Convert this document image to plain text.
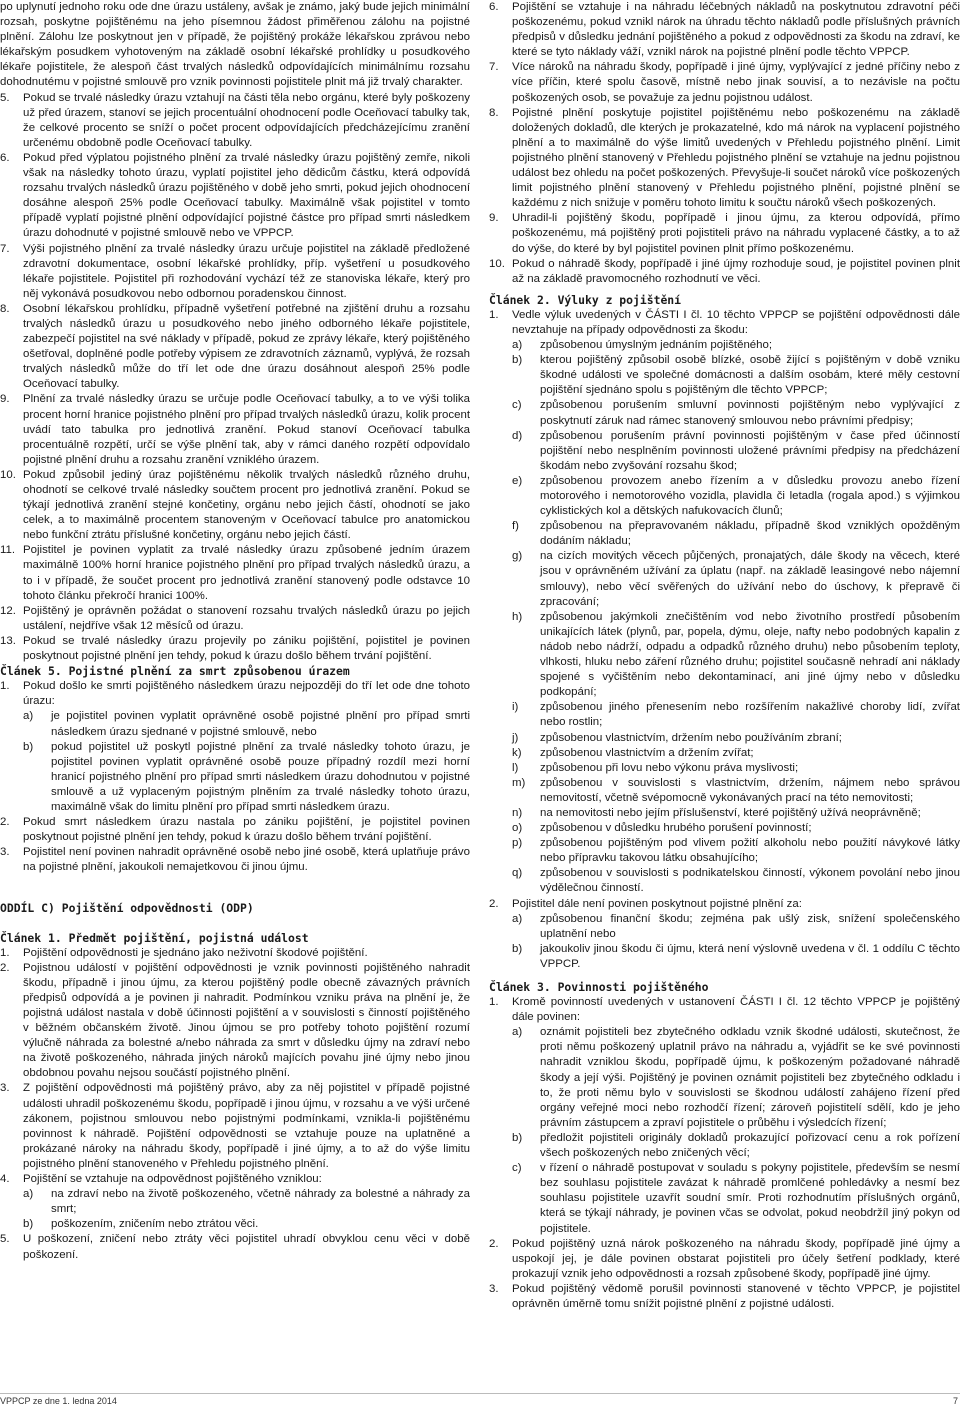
po uplynutí jednoho roku ode dne úrazu ustáleny, avšak je známo, jaký bude jejich minimální rozsah, poskytne pojištěnému na jeho písemnou žádost přiměřenou zálohu na pojistné plnění. Zálohu lze poskytnout jen v případě, že pojištěný prokáže lékařskou zprávou nebo lékařským posudkem vyhotoveným na základě osobní lékařské prohlídky u posudkového lékaře pojistitele, že alespoň část trvalých následků odpovídajících minimálnímu rozsahu dohodnutému v pojistné smlouvě pro vznik povinnosti pojistitele plnit má již trvalý charakter.

5.	Pokud se trvalé následky úrazu vztahují na části těla nebo orgánu, které byly poškozeny už před úrazem, stanoví se jejich procentuální ohodnocení podle Oceňovací tabulky tak, že celkové procento se sníží o počet procent odpovídajících předcházejícímu zranění určenému obdobně podle Oceňovací tabulky.
6.	Pokud před výplatou pojistného plnění za trvalé následky úrazu pojištěný zemře, nikoli však na následky tohoto úrazu, vyplatí pojistitel jeho dědicům částku, která odpovídá rozsahu trvalých následků úrazu pojištěného v době jeho smrti, pokud jejich ohodnocení dosáhne alespoň 25% podle Oceňovací tabulky. Maximálně však pojistitel v tomto případě vyplatí pojistné plnění odpovídající pojistné částce pro případ smrti následkem úrazu dohodnuté v pojistné smlouvě nebo ve VPPCP.
7.	Výši pojistného plnění za trvalé následky úrazu určuje pojistitel na základě předložené zdravotní dokumentace, osobní lékařské prohlídky, příp. vyšetření u posudkového lékaře pojistitele. Pojistitel při rozhodování vychází též ze stanoviska lékaře, který pro něj vykonává posudkovou nebo odbornou poradenskou činnost.
8.	Osobní lékařskou prohlídku, případně vyšetření potřebné na zjištění druhu a rozsahu trvalých následků úrazu u posudkového nebo jiného odborného lékaře pojistitele, zabezpečí pojistitel na své náklady v případě, pokud ze zprávy lékaře, který pojištěného ošetřoval, doplněné podle potřeby výpisem ze zdravotních záznamů, vyplývá, že rozsah trvalých následků může do tří let ode dne úrazu dosáhnout alespoň 25% podle Oceňovací tabulky.
9.	Plnění za trvalé následky úrazu se určuje podle Oceňovací tabulky, a to ve výši tolika procent horní hranice pojistného plnění pro případ trvalých následků úrazu, kolik procent uvádí tato tabulka pro jednotlivá zranění. Pokud stanoví Oceňovací tabulka procentuálně rozpětí, určí se výše plnění tak, aby v rámci daného rozpětí odpovídalo pojistné plnění druhu a rozsahu zranění vzniklého úrazem.
10. Pokud způsobil jediný úraz pojištěnému několik trvalých následků různého druhu, ohodnotí se celkové trvalé následky součtem procent pro jednotlivá zranění. Pokud se týkají jednotlivá zranění stejné končetiny, orgánu nebo jejich částí, ohodnotí se jako celek, a to maximálně procentem stanoveným v Oceňovací tabulce pro anatomickou nebo funkční ztrátu příslušné končetiny, orgánu nebo jejich částí.
11. Pojistitel je povinen vyplatit za trvalé následky úrazu způsobené jedním úrazem maximálně 100% horní hranice pojistného plnění pro případ trvalých následků úrazu, a to i v případě, že součet procent pro jednotlivá zranění stanovený podle odstavce 10 tohoto článku překročí hranici 100%.
12. Pojištěný je oprávněn požádat o stanovení rozsahu trvalých následků úrazu po jejich ustálení, nejdříve však 12 měsíců od úrazu.
13. Pokud se trvalé následky úrazu projevily po zániku pojištění, pojistitel je povinen poskytnout pojistné plnění jen tehdy, pokud k úrazu došlo během trvání pojištění.
Článek 5. Pojistné plnění za smrt způsobenou úrazem
1.	Pokud došlo ke smrti pojištěného následkem úrazu nejpozději do tří let ode dne tohoto úrazu:
a)	je pojistitel povinen vyplatit oprávněné osobě pojistné plnění pro případ smrti následkem úrazu sjednané v pojistné smlouvě, nebo
b)	pokud pojistitel už poskytl pojistné plnění za trvalé následky tohoto úrazu, je pojistitel povinen vyplatit oprávněné osobě pouze případný rozdíl mezi horní hranicí pojistného plnění pro případ smrti následkem úrazu dohodnutou v pojistné smlouvě a už vyplaceným pojistným plněním za trvalé následky tohoto úrazu, maximálně však do limitu plnění pro případ smrti následkem úrazu.
2.	Pokud smrt následkem úrazu nastala po zániku pojištění, je pojistitel povinen poskytnout pojistné plnění jen tehdy, pokud k úrazu došlo během trvání pojištění.
3.	Pojistitel není povinen nahradit oprávněné osobě nebo jiné osobě, která uplatňuje právo na pojistné plnění, jakoukoli nemajetkovou či jinou újmu.
ODDÍL C) Pojištění odpovědnosti (ODP)
Článek 1. Předmět pojištění, pojistná událost
1.	Pojištění odpovědnosti je sjednáno jako neživotní škodové pojištění.
2.	Pojistnou událostí v pojištění odpovědnosti je vznik povinnosti pojištěného nahradit škodu, případně i jinou újmu, za kterou pojištěný podle obecně závazných právních předpisů odpovídá a je povinen ji nahradit. Podmínkou vzniku práva na plnění je, že pojistná událost nastala v době účinnosti pojištění a v souvislosti s činností pojištěného v běžném občanském životě. Jinou újmou se pro potřeby tohoto pojištění rozumí výlučně náhrada za bolestné a/nebo náhrada za smrt v důsledku újmy na zdraví nebo na životě poškozeného, náhrada jiných nároků majících povahu jiné újmy nebo jinou obdobnou povahu nejsou součástí pojistného plnění.
3.	Z pojištění odpovědnosti má pojištěný právo, aby za něj pojistitel v případě pojistné události uhradil poškozenému škodu, popřípadě i jinou újmu, v rozsahu a ve výši určené zákonem, pojistnou smlouvou nebo pojistnými podmínkami, vznikla-li pojištěnému povinnost k náhradě. Pojištění odpovědnosti se vztahuje pouze na uplatněné a prokázané nároky na náhradu škody, popřípadě i jiné újmy, a to až do výše limitu pojistného plnění stanoveného v Přehledu pojistného plnění.
4.	Pojištění se vztahuje na odpovědnost pojištěného vzniklou:
a)	na zdraví nebo na životě poškozeného, včetně náhrady za bolestné a náhrady za smrt;
b)	poškozením, zničením nebo ztrátou věci.
5.	U poškození, zničení nebo ztráty věci pojistitel uhradí obvyklou cenu věci v době poškození.
6.	Pojištění se vztahuje i na náhradu léčebných nákladů na poskytnutou zdravotní péči poškozenému, pokud vznikl nárok na úhradu těchto nákladů podle příslušných právních předpisů v důsledku jednání pojištěného a pokud z odpovědnosti za škodu na zdraví, ke které se tyto náklady váží, vznikl nárok na pojistné plnění podle těchto VPPCP.
7.	Více nároků na náhradu škody, popřípadě i jiné újmy, vyplývající z jedné příčiny nebo z více příčin, které spolu časově, místně nebo jinak souvisí, a to nezávisle na počtu poškozených osob, se považuje za jednu pojistnou událost.
8.	Pojistné plnění poskytuje pojistitel pojištěnému nebo poškozenému na základě doložených dokladů, dle kterých je prokazatelné, kdo má nárok na vyplacení pojistného plnění a to maximálně do výše limitů uvedených v Přehledu pojistného plnění. Limit pojistného plnění stanovený v Přehledu pojistného plnění se vztahuje na jednu pojistnou událost bez ohledu na počet poškozených. Převyšuje-li součet nároků více poškozených limit pojistného plnění stanovený v Přehledu pojistného plnění, pojistné plnění se každému z nich snižuje v poměru tohoto limitu k součtu nároků všech poškozených.
9.	Uhradil-li pojištěný škodu, popřípadě i jinou újmu, za kterou odpovídá, přímo poškozenému, má pojištěný proti pojistiteli právo na náhradu vyplacené částky, a to až do výše, do které by byl pojistitel povinen plnit přímo poškozenému.
10. Pokud o náhradě škody, popřípadě i jiné újmy rozhoduje soud, je pojistitel povinen plnit až na základě pravomocného rozhodnutí ve věci.
Článek 2. Výluky z pojištění
1.	Vedle výluk uvedených v ČÁSTI I čl. 10 těchto VPPCP se pojištění odpovědnosti dále nevztahuje na případy odpovědnosti za škodu:
a)	způsobenou úmyslným jednáním pojištěného;
b)	kterou pojištěný způsobil osobě blízké, osobě žijící s pojištěným v době vzniku škodné události ve společné domácnosti a dalším osobám, které měly cestovní pojištění sjednáno spolu s pojištěným dle těchto VPPCP;
c)	způsobenou porušením smluvní povinnosti pojištěným nebo vyplývající z poskytnutí záruk nad rámec stanovený smlouvou nebo právními předpisy;
d)	způsobenou porušením právní povinnosti pojištěným v čase před účinností pojištění nebo nesplněním povinnosti uložené právními předpisy na předcházení škodám nebo zvyšování rozsahu škod;
e)	způsobenou provozem anebo řízením a v důsledku provozu anebo řízení motorového i nemotorového vozidla, plavidla či letadla (rogala apod.) s výjimkou cyklistických kol a dětských nafukovacích člunů;
f)	způsobenou na přepravovaném nákladu, případně škod vzniklých opožděným dodáním nákladu;
g)	na cizích movitých věcech půjčených, pronajatých, dále škody na věcech, které jsou v oprávněném užívání za úplatu (např. na základě leasingové nebo nájemní smlouvy), nebo věcí svěřených do užívání nebo do úschovy, k přepravě či zpracování;
h)	způsobenou jakýmkoli znečištěním vod nebo životního prostředí působením unikajících látek (plynů, par, popela, dýmu, oleje, nafty nebo podobných kapalin z nádob nebo nádrží, odpadu a odpadků různého druhu) nebo působením teploty, vlhkosti, hluku nebo záření různého druhu; pojistitel současně nehradí ani náklady spojené s vyčištěním nebo dekontaminací, ani jiné újmy nebo v důsledku podkopání;
i)	způsobenou jiného přenesením nebo rozšířením nakažlivé choroby lidí, zvířat nebo rostlin;
j)	způsobenou vlastnictvím, držením nebo používáním zbraní;
k)	způsobenou vlastnictvím a držením zvířat;
l)	způsobenou při lovu nebo výkonu práva myslivosti;
m)	způsobenou v souvislosti s vlastnictvím, držením, nájmem nebo správou nemovitostí, včetně svépomocně vykonávaných prací na této nemovitosti;
n)	na nemovitosti nebo jejím příslušenství, které pojištěný užívá neoprávněně;
o)	způsobenou v důsledku hrubého porušení povinností;
p)	způsobenou pojištěným pod vlivem požití alkoholu nebo použití návykové látky nebo přípravku takovou látku obsahujícího;
q)	způsobenou v souvislosti s podnikatelskou činností, výkonem povolání nebo jinou výdělečnou činností.
2.	Pojistitel dále není povinen poskytnout pojistné plnění za:
a)	způsobenou finanční škodu; zejména pak ušlý zisk, snížení společenského uplatnění nebo
b)	jakoukoliv jinou škodu či újmu, která není výslovně uvedena v čl. 1 oddílu C těchto VPPCP.
Článek 3. Povinnosti pojištěného
1.	Kromě povinností uvedených v ustanovení ČÁSTI I čl. 12 těchto VPPCP je pojištěný dále povinen:
a)	oznámit pojistiteli bez zbytečného odkladu vznik škodné události, skutečnost, že proti němu poškozený uplatnil právo na náhradu a, vyjádřit se ke své povinnosti nahradit vzniklou škodu, popřípadě újmu, k poškozeným požadované náhradě škody a její výši. Pojištěný je povinen oznámit pojistiteli bez zbytečného odkladu i to, že proti němu bylo v souvislosti se škodnou událostí zahájeno řízení před orgány veřejné moci nebo rozhodčí řízení; zároveň pojistitelí sdělí, kdo je jeho právním zástupcem a zpraví pojistitele o průběhu i výsledcích řízení;
b)	předložit pojistiteli originály dokladů prokazující pořizovací cenu a rok pořízení všech poškozených nebo zničených věcí;
c)	v řízení o náhradě postupovat v souladu s pokyny pojistitele, především se nesmí bez souhlasu pojistitele zavázat k náhradě promlčené pohledávky a nesmí bez souhlasu pojistitele uzavřít soudní smír. Proti rozhodnutím příslušných orgánů, která se týkají náhrady, je povinen včas se odvolat, pokud neobdržíl jiný pokyn od pojistitele.
2.	Pokud pojištěný uzná nárok poškozeného na náhradu škody, popřípadě jiné újmy a uspokojí jej, je dále povinen obstarat pojistiteli pro účely šetření podklady, které prokazují vznik jeho odpovědnosti a rozsah způsobené škody, popřípadě jiné újmy.
3.	Pokud pojištěný vědomě porušil povinnosti stanovené v těchto VPPCP, je pojistitel oprávněn úměrně tomu snížit pojistné plnění z pojistné události.
VPPCP ze dne 1. ledna 2014	7
